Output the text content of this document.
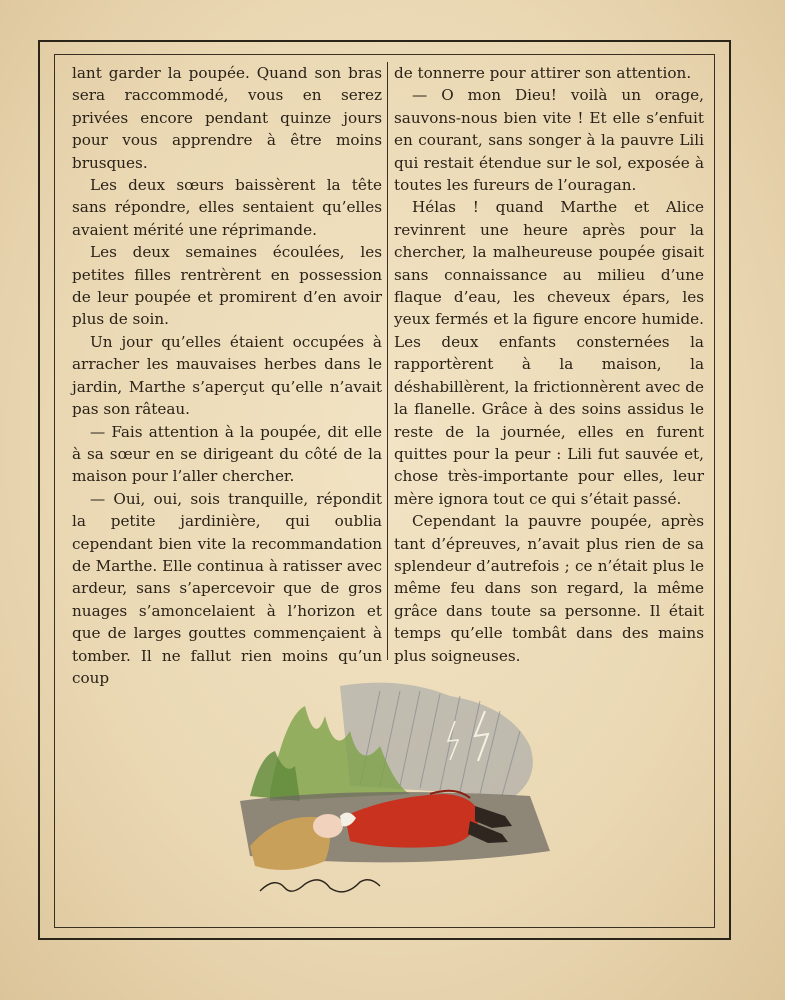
lant garder la poupée. Quand son bras sera raccommodé, vous en serez privées encore pendant quinze jours pour vous apprendre à être moins brusques.

Les deux sœurs baissèrent la tête sans répondre, elles sentaient qu’elles avaient mérité une réprimande.

Les deux semaines écoulées, les petites filles rentrèrent en possession de leur poupée et promirent d’en avoir plus de soin.

Un jour qu’elles étaient occupées à arracher les mauvaises herbes dans le jardin, Marthe s’aperçut qu’elle n’avait pas son râteau.

— Fais attention à la poupée, dit elle à sa sœur en se dirigeant du côté de la maison pour l’aller chercher.

— Oui, oui, sois tranquille, répondit la petite jardinière, qui oublia cependant bien vite la recommandation de Marthe. Elle continua à ratisser avec ardeur, sans s’apercevoir que de gros nuages s’amoncelaient à l’horizon et que de larges gouttes commençaient à tomber. Il ne fallut rien moins qu’un coup

de tonnerre pour attirer son attention.

— O mon Dieu! voilà un orage, sauvons-nous bien vite ! Et elle s’enfuit en courant, sans songer à la pauvre Lili qui restait étendue sur le sol, exposée à toutes les fureurs de l’ouragan.

Hélas ! quand Marthe et Alice revinrent une heure après pour la chercher, la malheureuse poupée gisait sans connaissance au milieu d’une flaque d’eau, les cheveux épars, les yeux fermés et la figure encore humide. Les deux enfants consternées la rapportèrent à la maison, la déshabillèrent, la frictionnèrent avec de la flanelle. Grâce à des soins assidus le reste de la journée, elles en furent quittes pour la peur : Lili fut sauvée et, chose très-importante pour elles, leur mère ignora tout ce qui s’était passé.

Cependant la pauvre poupée, après tant d’épreuves, n’avait plus rien de sa splendeur d’autrefois ; ce n’était plus le même feu dans son regard, la même grâce dans toute sa personne. Il était temps qu’elle tombât dans des mains plus soigneuses.
